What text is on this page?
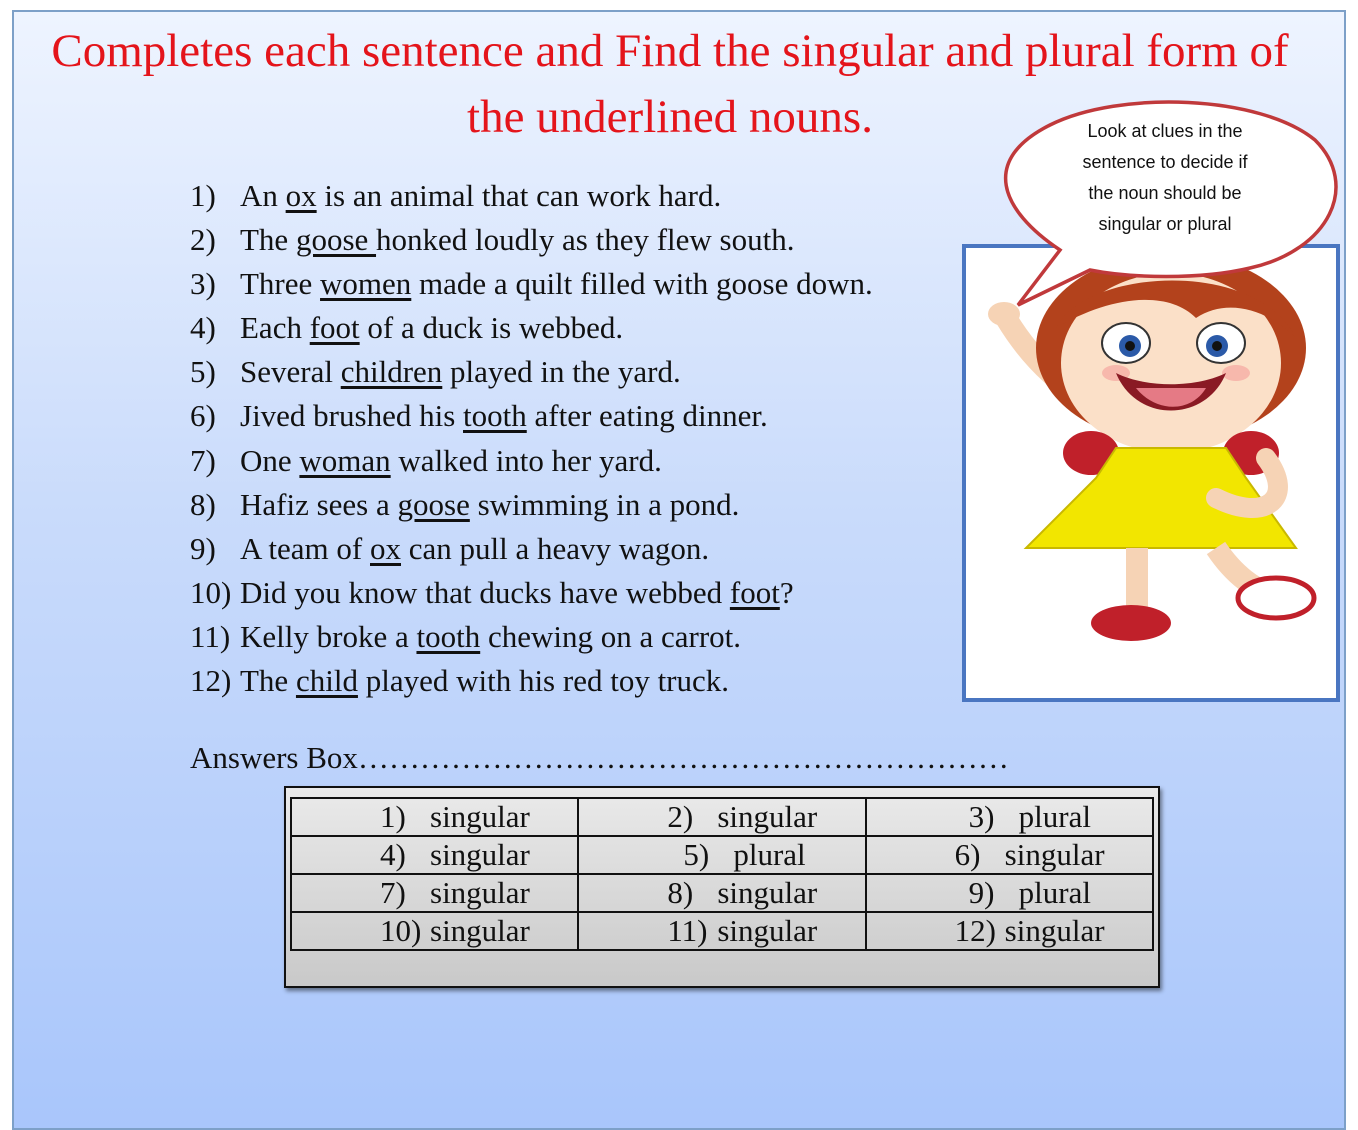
Completes each sentence and Find the singular and plural form of the underlined nouns.
1) An ox is an animal that can work hard.
2) The goose honked loudly as they flew south.
3) Three women made a quilt filled with goose down.
4) Each foot of a duck is webbed.
5) Several children played in the yard.
6) Jived brushed his tooth after eating dinner.
7) One woman walked into her yard.
8) Hafiz sees a goose swimming in a pond.
9) A team of ox can pull a heavy wagon.
10) Did you know that ducks have webbed foot ?
11) Kelly broke a tooth chewing on a carrot.
12) The child played with his red toy truck.
Look at clues in the
sentence to decide if
the noun should be
singular or plural
Answers Box………………………………………………………
1) singular	2) singular	3) plural

4) singular	5) plural	6) singular

7) singular	8) singular	9) plural

10) singular	11) singular	12) singular
